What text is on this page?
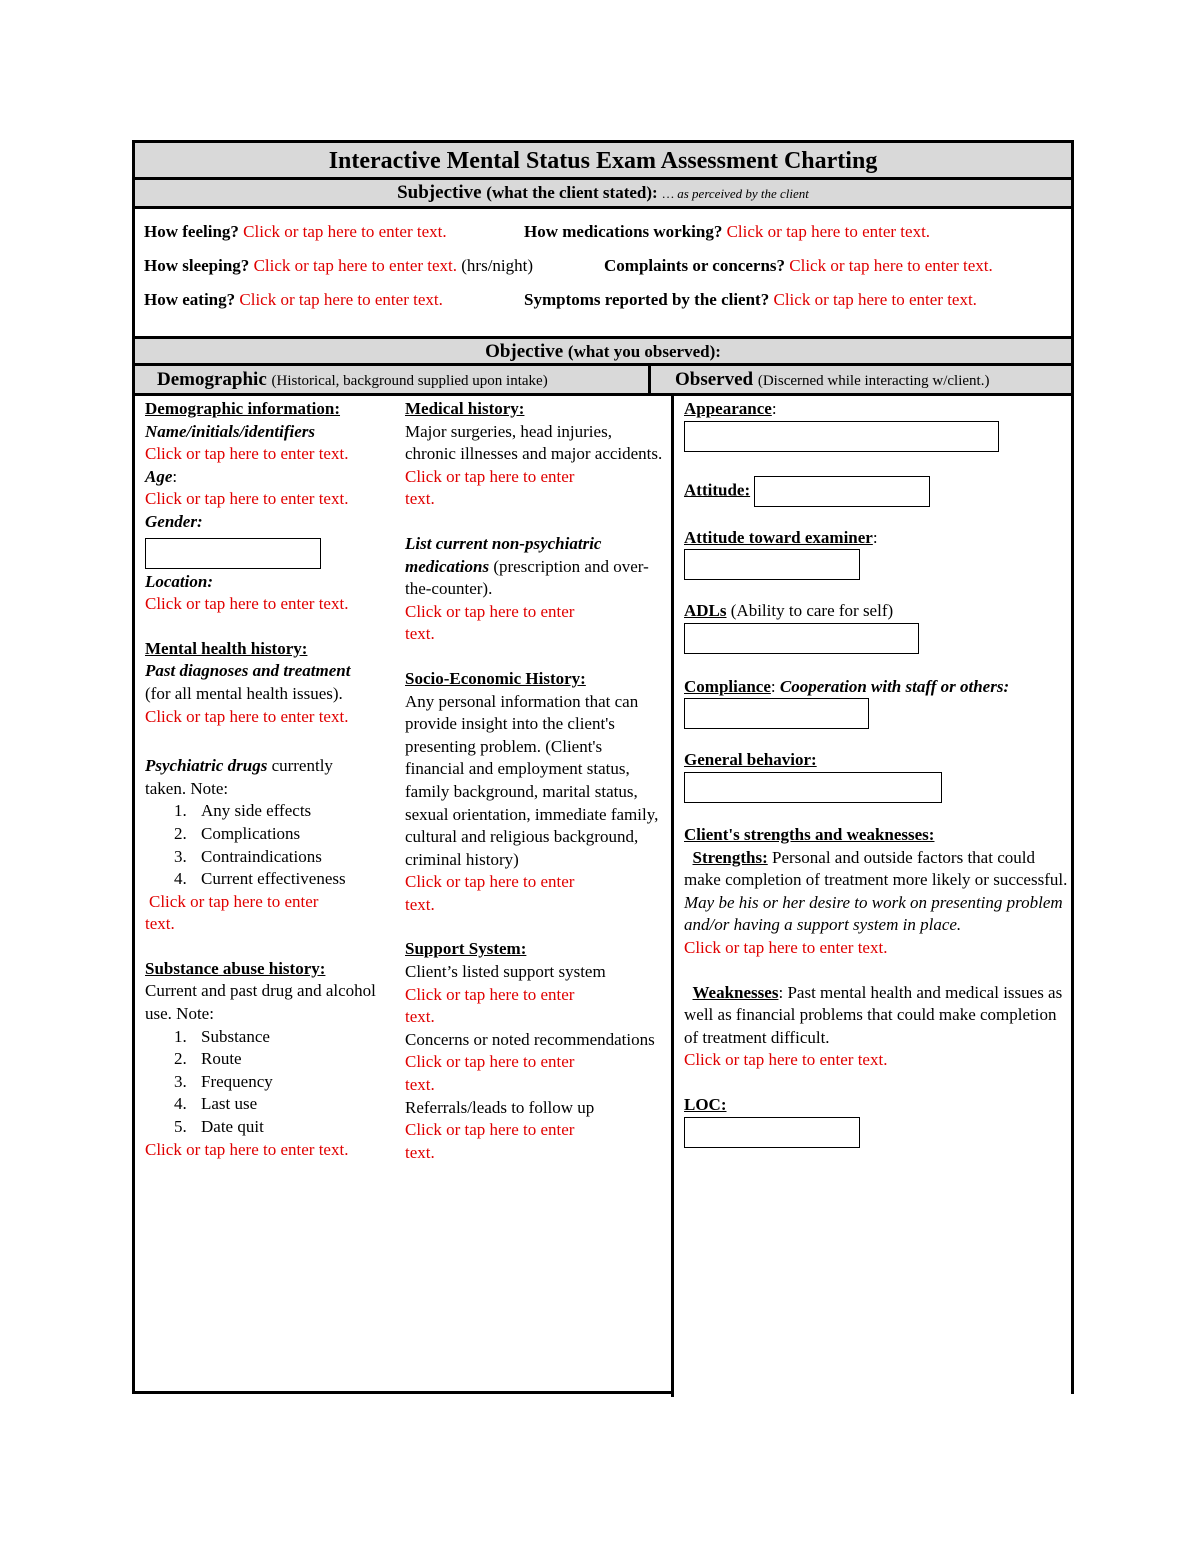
Interactive Mental Status Exam Assessment Charting
Subjective (what the client stated): … as perceived by the client
How feeling? Click or tap here to enter text.	How medications working? Click or tap here to enter text.
How sleeping? Click or tap here to enter text. (hrs/night)	Complaints or concerns? Click or tap here to enter text.
How eating? Click or tap here to enter text.	Symptoms reported by the client? Click or tap here to enter text.
Objective (what you observed):
Demographic (Historical, background supplied upon intake)	Observed (Discerned while interacting w/client.)

Demographic information:

Name/initials/identifiers

Click or tap here to enter text.

Age:

Click or tap here to enter text.

Gender:

Location:

Click or tap here to enter text.

Mental health history:

Past diagnoses and treatment

(for all mental health issues).

Click or tap here to enter text.

Psychiatric drugs currently

taken. Note:

1. Any side effects
2. Complications
3. Contraindications
4. Current effectiveness

Click or tap here to enter

text.

Substance abuse history:

Current and past drug and alcohol use. Note:

1. Substance
2. Route
3. Frequency
4. Last use
5. Date quit

Click or tap here to enter text.

Medical history:

Major surgeries, head injuries, chronic illnesses and major accidents.

Click or tap here to enter

text.

List current non-psychiatric

medications (prescription and over-the-counter).

Click or tap here to enter

text.

Socio-Economic History:

Any personal information that can provide insight into the client's presenting problem. (Client's financial and employment status, family background, marital status, sexual orientation, immediate family, cultural and religious background, criminal history)

Click or tap here to enter

text.

Support System:

Client’s listed support system

Click or tap here to enter

text.

Concerns or noted recommendations

Click or tap here to enter

text.

Referrals/leads to follow up

Click or tap here to enter

text.

Appearance:

Attitude:

Attitude toward examiner:

ADLs (Ability to care for self)

Compliance: Cooperation with staff or others:

General behavior:

Client's strengths and weaknesses:

Strengths: Personal and outside factors that could make completion of treatment more likely or successful. May be his or her desire to work on presenting problem and/or having a support system in place.

Click or tap here to enter text.

Weaknesses: Past mental health and medical issues as well as financial problems that could make completion of treatment difficult.

Click or tap here to enter text.

LOC:
